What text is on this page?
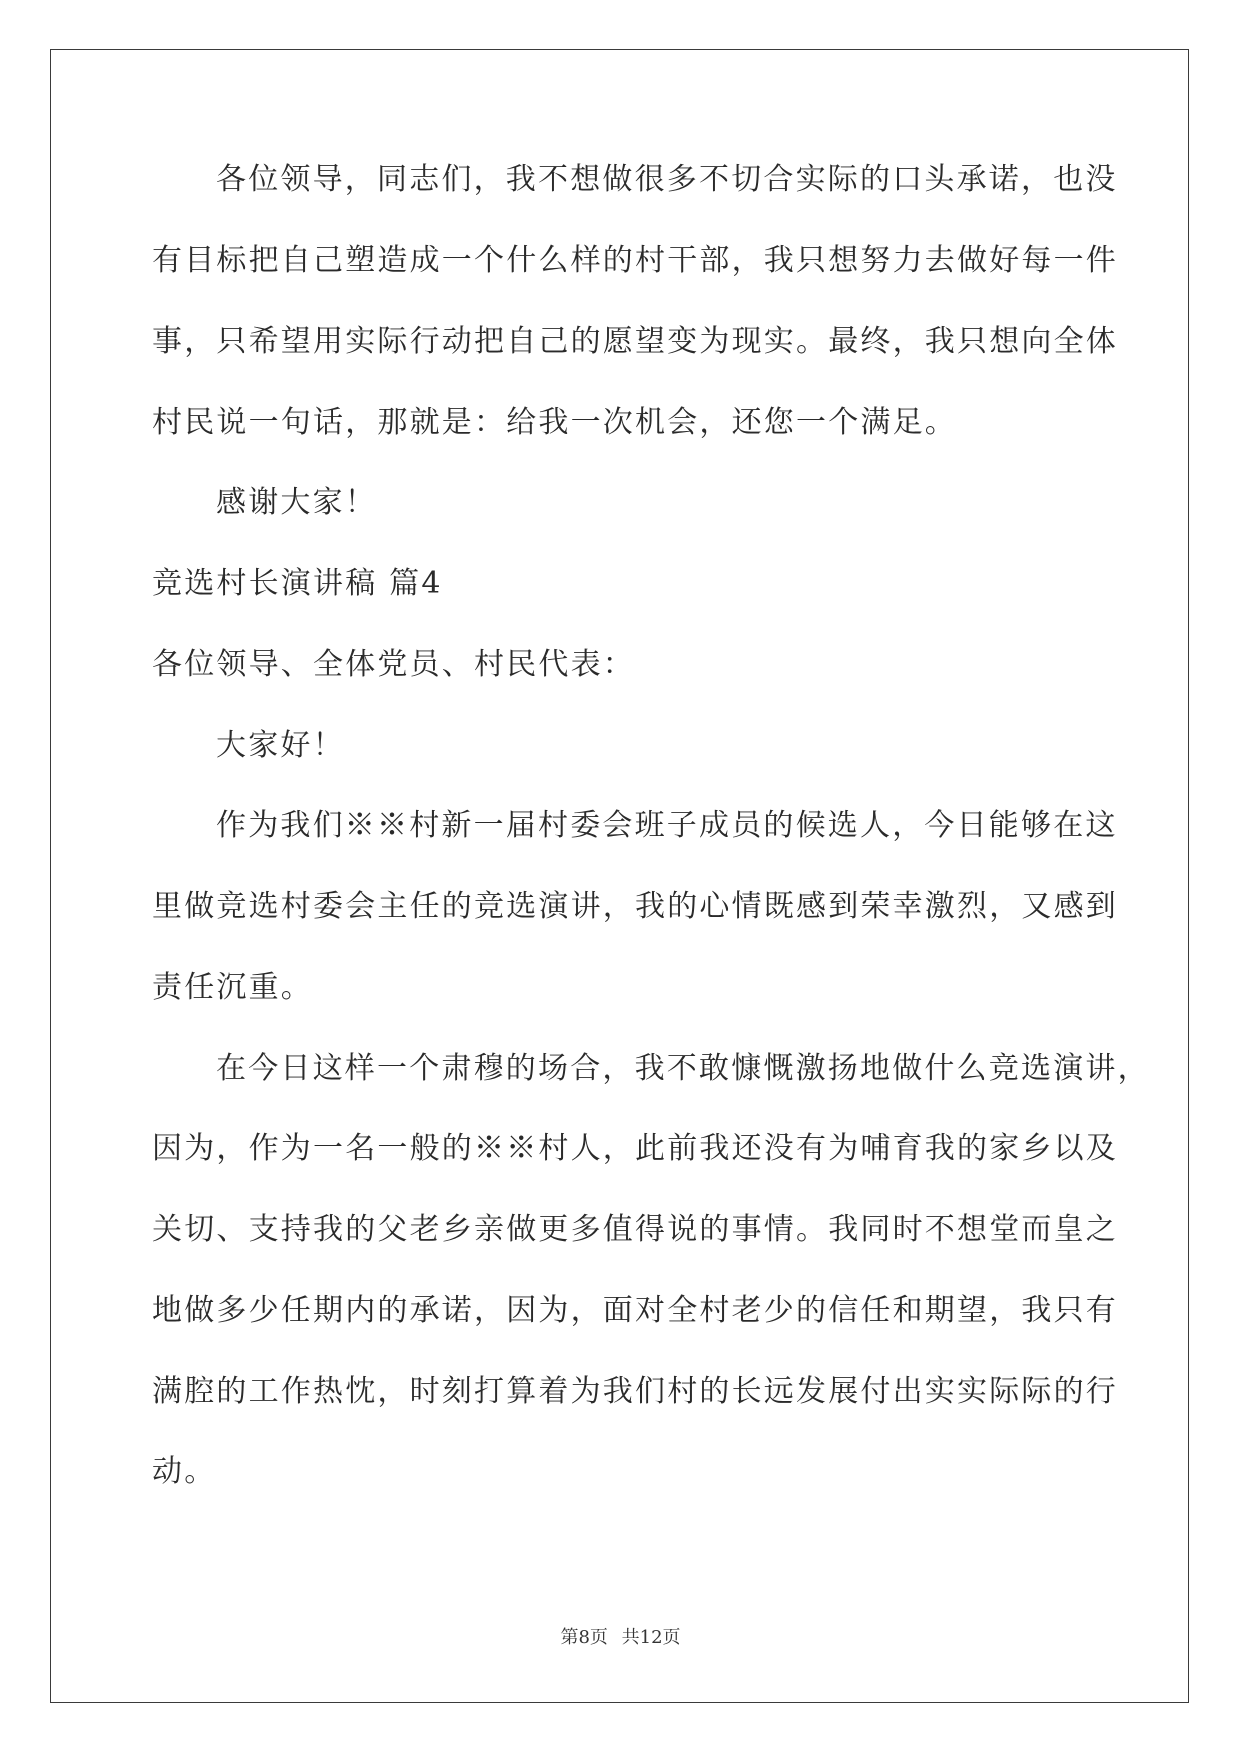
各位领导，同志们，我不想做很多不切合实际的口头承诺，也没
有目标把自己塑造成一个什么样的村干部，我只想努力去做好每一件
事，只希望用实际行动把自己的愿望变为现实。最终，我只想向全体
村民说一句话，那就是：给我一次机会，还您一个满足。
感谢大家！
竞选村长演讲稿 篇4
各位领导、全体党员、村民代表：
大家好！
作为我们※※村新一届村委会班子成员的候选人，今日能够在这
里做竞选村委会主任的竞选演讲，我的心情既感到荣幸激烈，又感到
责任沉重。
在今日这样一个肃穆的场合，我不敢慷慨激扬地做什么竞选演讲，
因为，作为一名一般的※※村人，此前我还没有为哺育我的家乡以及
关切、支持我的父老乡亲做更多值得说的事情。我同时不想堂而皇之
地做多少任期内的承诺，因为，面对全村老少的信任和期望，我只有
满腔的工作热忱，时刻打算着为我们村的长远发展付出实实际际的行
动。
第8页 共12页
